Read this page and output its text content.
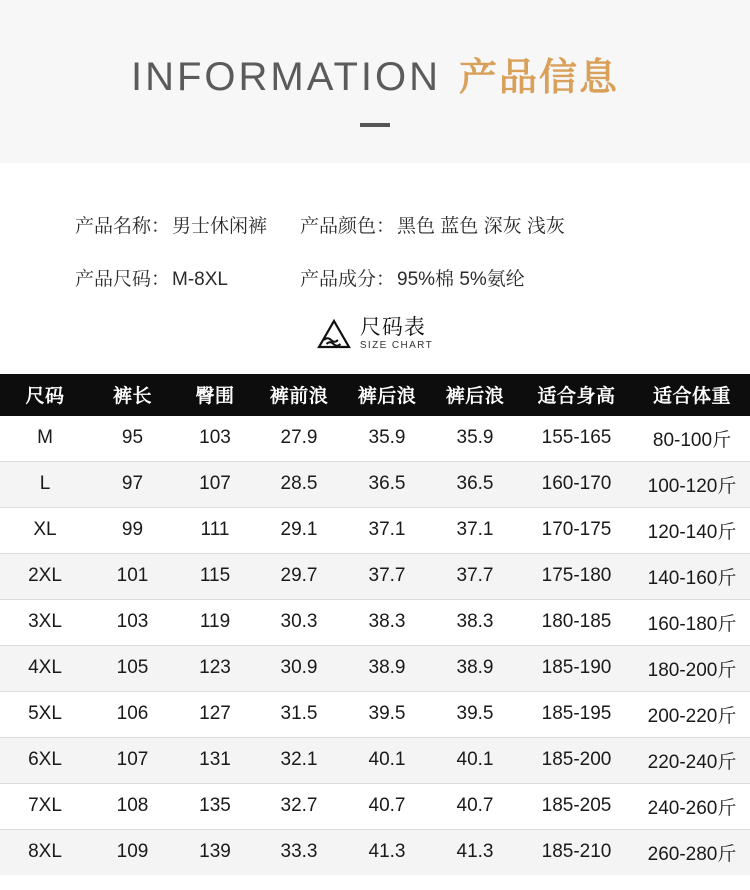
INFORMATION 产品信息
产品名称： 男士休闲裤 产品颜色： 黑色 蓝色 深灰 浅灰
产品尺码： M-8XL	产品成分： 95%棉 5%氨纶
尺码表
SIZE CHART
尺码	裤长	臀围	裤前浪	裤后浪	裤后浪	适合身高	适合体重
M	95	103	27.9	35.9	35.9	155-165	80-100斤
L	97	107	28.5	36.5	36.5	160-170	100-120斤
XL	99	111	29.1	37.1	37.1	170-175	120-140斤
2XL	101	115	29.7	37.7	37.7	175-180	140-160斤
3XL	103	119	30.3	38.3	38.3	180-185	160-180斤
4XL	105	123	30.9	38.9	38.9	185-190	180-200斤
5XL	106	127	31.5	39.5	39.5	185-195	200-220斤
6XL	107	131	32.1	40.1	40.1	185-200	220-240斤
7XL	108	135	32.7	40.7	40.7	185-205	240-260斤
8XL	109	139	33.3	41.3	41.3	185-210	260-280斤
